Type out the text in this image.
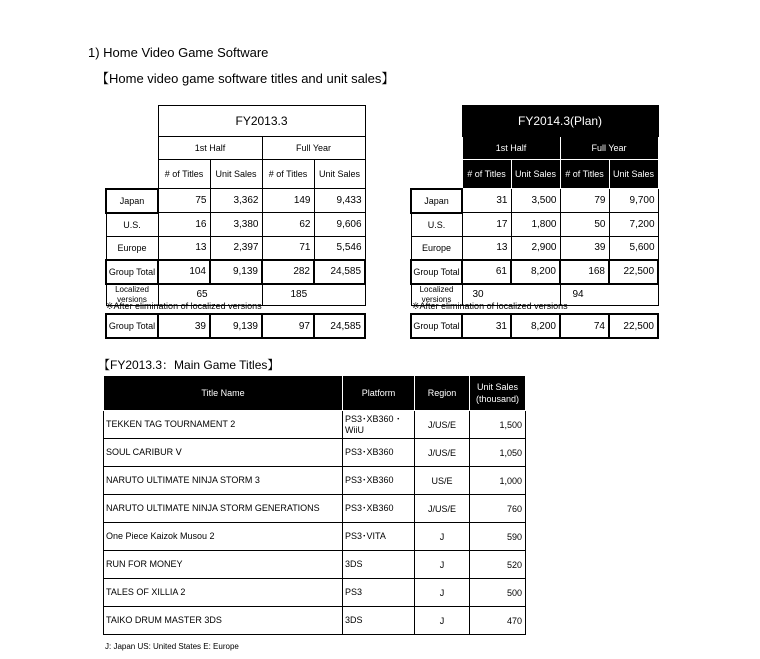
1) Home Video Game Software
【Home video game software titles and unit sales】
	FY2013.3			
	1st Half		Full Year	
	# of Titles	Unit Sales	# of Titles	Unit Sales
Japan	75	3,362	149	9,433
U.S.	16	3,380	62	9,606
Europe	13	2,397	71	5,546
Group Total	104	9,139	282	24,585
Localized versions	65		185	
※After elimination of localized versions
Group Total	39	9,139	97	24,585
	FY2014.3(Plan)			
	1st Half		Full Year	
	# of Titles	Unit Sales	# of Titles	Unit Sales
Japan	31	3,500	79	9,700
U.S.	17	1,800	50	7,200
Europe	13	2,900	39	5,600
Group Total	61	8,200	168	22,500
Localized versions	30		94	
※After elimination of localized versions
Group Total	31	8,200	74	22,500
【FY2013.3：Main Game Titles】
Title Name	Platform	Region	Unit Sales (thousand)
TEKKEN TAG TOURNAMENT 2	PS3･XB360 ･WiiU	J/US/E	1,500
SOUL CARIBUR Ⅴ	PS3･XB360	J/US/E	1,050
NARUTO ULTIMATE NINJA STORM 3	PS3･XB360	US/E	1,000
NARUTO ULTIMATE NINJA STORM GENERATIONS	PS3･XB360	J/US/E	760
One Piece Kaizok Musou 2	PS3･VITA	J	590
RUN FOR MONEY	3DS	J	520
TALES OF XILLIA 2	PS3	J	500
TAIKO DRUM MASTER 3DS	3DS	J	470
J: Japan US: United States E: Europe
